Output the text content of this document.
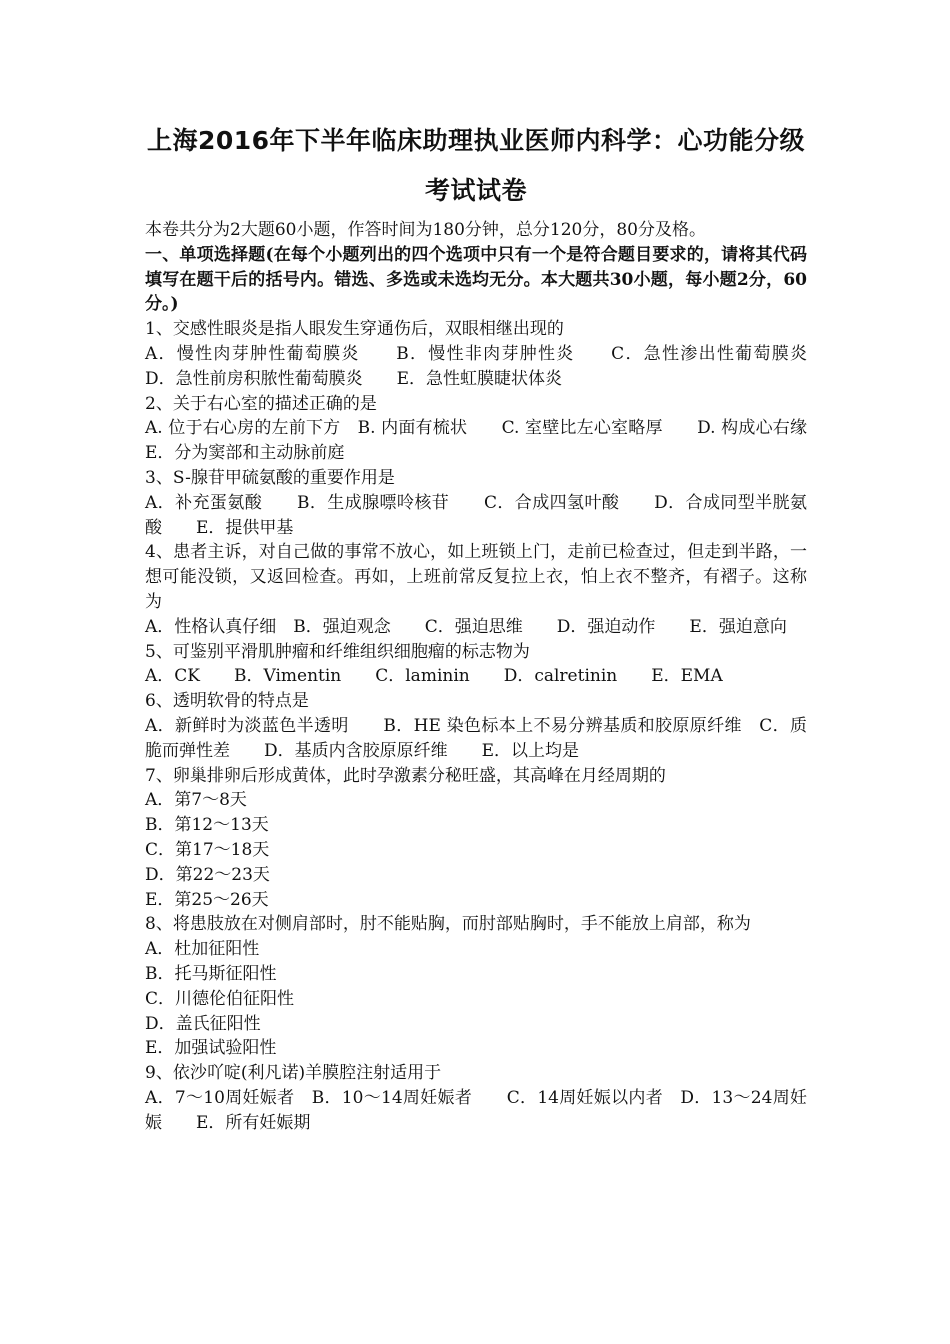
上海2016年下半年临床助理执业医师内科学：心功能分级
考试试卷

本卷共分为2大题60小题，作答时间为180分钟，总分120分，80分及格。

一、单项选择题(在每个小题列出的四个选项中只有一个是符合题目要求的，请将其代码填写在题干后的括号内。错选、多选或未选均无分。本大题共30小题，每小题2分，60分。)

1、交感性眼炎是指人眼发生穿通伤后，双眼相继出现的

A．慢性肉芽肿性葡萄膜炎　　B．慢性非肉芽肿性炎　　C．急性渗出性葡萄膜炎　　D．急性前房积脓性葡萄膜炎　　E．急性虹膜睫状体炎

2、关于右心室的描述正确的是

A. 位于右心房的左前下方　B. 内面有梳状　　C. 室壁比左心室略厚　　D. 构成心右缘　　E．分为窦部和主动脉前庭

3、S-腺苷甲硫氨酸的重要作用是

A．补充蛋氨酸　　B．生成腺嘌呤核苷　　C．合成四氢叶酸　　D．合成同型半胱氨酸　　E．提供甲基

4、患者主诉，对自己做的事常不放心，如上班锁上门，走前已检查过，但走到半路，一想可能没锁，又返回检查。再如，上班前常反复拉上衣，怕上衣不整齐，有褶子。这称为

A．性格认真仔细　B．强迫观念　　C．强迫思维　　D．强迫动作　　E．强迫意向

5、可鉴别平滑肌肿瘤和纤维组织细胞瘤的标志物为

A．CK　　B．Vimentin　　C．laminin　　D．calretinin　　E．EMA

6、透明软骨的特点是

A．新鲜时为淡蓝色半透明　　B．HE 染色标本上不易分辨基质和胶原原纤维　C．质脆而弹性差　　D．基质内含胶原原纤维　　E．以上均是

7、卵巢排卵后形成黄体，此时孕激素分秘旺盛，其高峰在月经周期的

A．第7～8天

B．第12～13天

C．第17～18天

D．第22～23天

E．第25～26天

8、将患肢放在对侧肩部时，肘不能贴胸，而肘部贴胸时，手不能放上肩部，称为

A．杜加征阳性

B．托马斯征阳性

C．川德伦伯征阳性

D．盖氏征阳性

E．加强试验阳性

9、依沙吖啶(利凡诺)羊膜腔注射适用于

A．7～10周妊娠者　B．10～14周妊娠者　　C．14周妊娠以内者　D．13～24周妊娠　　E．所有妊娠期
